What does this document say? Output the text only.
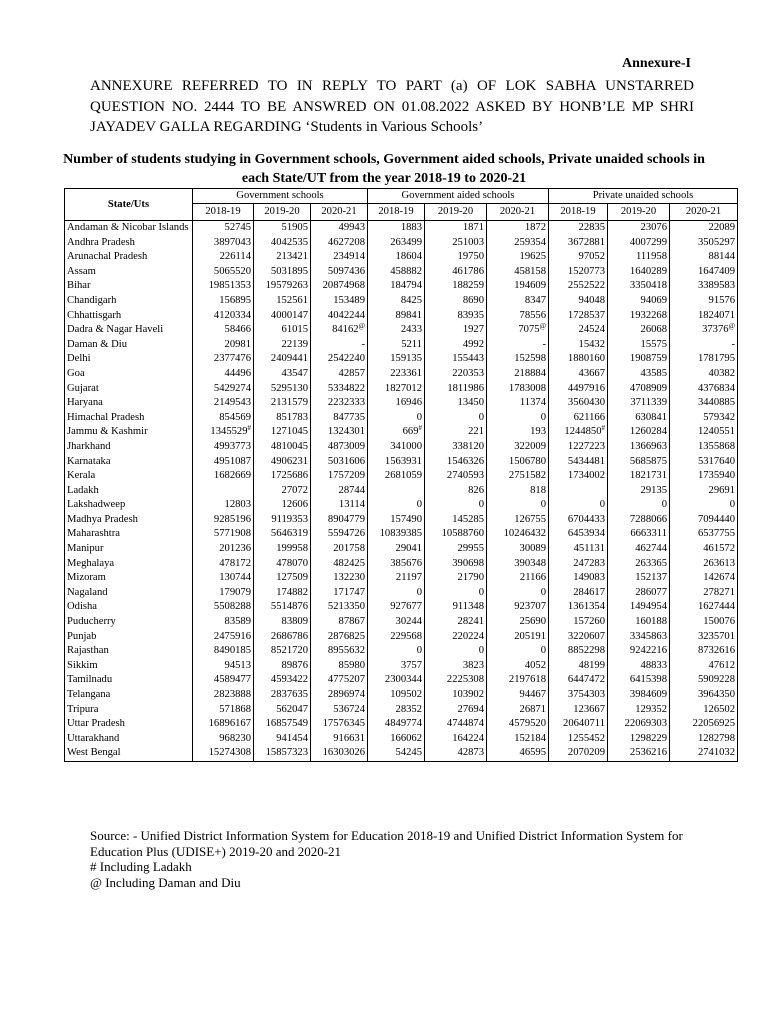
Annexure-I
ANNEXURE REFERRED TO IN REPLY TO PART (a) OF LOK SABHA UNSTARRED QUESTION NO. 2444 TO BE ANSWRED ON 01.08.2022 ASKED BY HONB’LE MP SHRI JAYADEV GALLA REGARDING ‘Students in Various Schools’
Number of students studying in Government schools, Government aided schools, Private unaided schools in each State/UT from the year 2018-19 to 2020-21
State/Uts	Government schools			Government aided schools			Private unaided schools		
	2018-19	2019-20	2020-21	2018-19	2019-20	2020-21	2018-19	2019-20	2020-21
Andaman & Nicobar Islands	52745	51905	49943	1883	1871	1872	22835	23076	22089
Andhra Pradesh	3897043	4042535	4627208	263499	251003	259354	3672881	4007299	3505297
Arunachal Pradesh	226114	213421	234914	18604	19750	19625	97052	111958	88144
Assam	5065520	5031895	5097436	458882	461786	458158	1520773	1640289	1647409
Bihar	19851353	19579263	20874968	184794	188259	194609	2552522	3350418	3389583
Chandigarh	156895	152561	153489	8425	8690	8347	94048	94069	91576
Chhattisgarh	4120334	4000147	4042244	89841	83935	78556	1728537	1932268	1824071
Dadra & Nagar Haveli	58466	61015	84162@	2433	1927	7075@	24524	26068	37376@
Daman & Diu	20981	22139	-	5211	4992	-	15432	15575	-
Delhi	2377476	2409441	2542240	159135	155443	152598	1880160	1908759	1781795
Goa	44496	43547	42857	223361	220353	218884	43667	43585	40382
Gujarat	5429274	5295130	5334822	1827012	1811986	1783008	4497916	4708909	4376834
Haryana	2149543	2131579	2232333	16946	13450	11374	3560430	3711339	3440885
Himachal Pradesh	854569	851783	847735	0	0	0	621166	630841	579342
Jammu & Kashmir	1345529#	1271045	1324301	669#	221	193	1244850#	1260284	1240551
Jharkhand	4993773	4810045	4873009	341000	338120	322009	1227223	1366963	1355868
Karnataka	4951087	4906231	5031606	1563931	1546326	1506780	5434481	5685875	5317640
Kerala	1682669	1725686	1757209	2681059	2740593	2751582	1734002	1821731	1735940
Ladakh		27072	28744		826	818		29135	29691
Lakshadweep	12803	12606	13114	0	0	0	0	0	0
Madhya Pradesh	9285196	9119353	8904779	157490	145285	126755	6704433	7288066	7094440
Maharashtra	5771908	5646319	5594726	10839385	10588760	10246432	6453934	6663311	6537755
Manipur	201236	199958	201758	29041	29955	30089	451131	462744	461572
Meghalaya	478172	478070	482425	385676	390698	390348	247283	263365	263613
Mizoram	130744	127509	132230	21197	21790	21166	149083	152137	142674
Nagaland	179079	174882	171747	0	0	0	284617	286077	278271
Odisha	5508288	5514876	5213350	927677	911348	923707	1361354	1494954	1627444
Puducherry	83589	83809	87867	30244	28241	25690	157260	160188	150076
Punjab	2475916	2686786	2876825	229568	220224	205191	3220607	3345863	3235701
Rajasthan	8490185	8521720	8955632	0	0	0	8852298	9242216	8732616
Sikkim	94513	89876	85980	3757	3823	4052	48199	48833	47612
Tamilnadu	4589477	4593422	4775207	2300344	2225308	2197618	6447472	6415398	5909228
Telangana	2823888	2837635	2896974	109502	103902	94467	3754303	3984609	3964350
Tripura	571868	562047	536724	28352	27694	26871	123667	129352	126502
Uttar Pradesh	16896167	16857549	17576345	4849774	4744874	4579520	20640711	22069303	22056925
Uttarakhand	968230	941454	916631	166062	164224	152184	1255452	1298229	1282798
West Bengal	15274308	15857323	16303026	54245	42873	46595	2070209	2536216	2741032
Source: - Unified District Information System for Education 2018-19 and Unified District Information System for Education Plus (UDISE+) 2019-20 and 2020-21
# Including Ladakh
@ Including Daman and Diu
